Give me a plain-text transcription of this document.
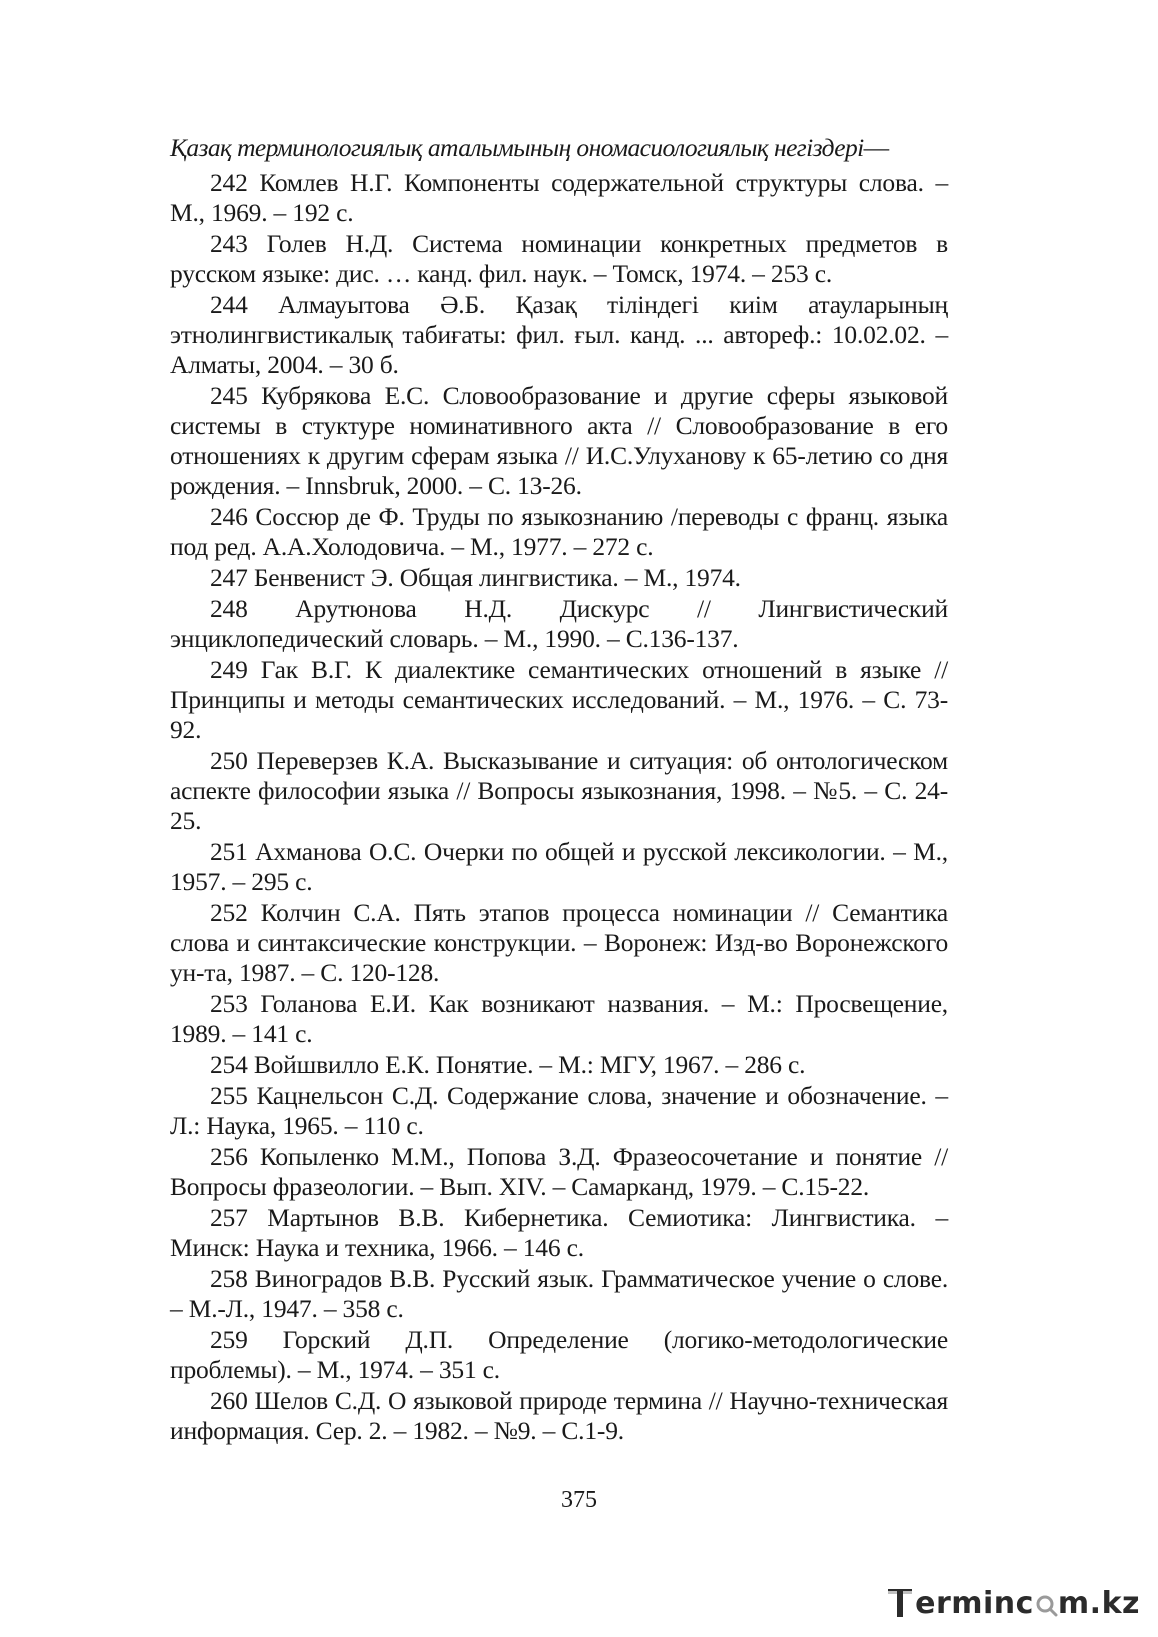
Қазақ терминологиялық аталымының ономасиологиялық негіздері—
242 Комлев Н.Г. Компоненты содержательной структуры слова. – М., 1969. – 192 с.
243 Голев Н.Д. Система номинации конкретных предметов в русском языке: дис. … канд. фил. наук. – Томск, 1974. – 253 с.
244 Алмауытова Ә.Б. Қазақ тіліндегі киім атауларының этнолингвистикалық табиғаты: фил. ғыл. канд. ... автореф.: 10.02.02. – Алматы, 2004. – 30 б.
245 Кубрякова Е.С. Словообразование и другие сферы языковой системы в стуктуре номинативного акта // Словообразование в его отношениях к другим сферам языка // И.С.Улуханову к 65-летию со дня рождения. – Innsbruk, 2000. – С. 13-26.
246 Соссюр де Ф. Труды по языкознанию /переводы с франц. языка под ред. А.А.Холодовича. – М., 1977. – 272 с.
247 Бенвенист Э. Общая лингвистика. – М., 1974.
248 Арутюнова Н.Д. Дискурс // Лингвистический энциклопедический словарь. – М., 1990. – С.136-137.
249 Гак В.Г. К диалектике семантических отношений в языке // Принципы и методы семантических исследований. – М., 1976. – С. 73-92.
250 Переверзев К.А. Высказывание и ситуация: об онтологическом аспекте философии языка // Вопросы языкознания, 1998. – №5. – С. 24-25.
251 Ахманова О.С. Очерки по общей и русской лексикологии. – М., 1957. – 295 с.
252 Колчин С.А. Пять этапов процесса номинации // Семантика слова и синтаксические конструкции. – Воронеж: Изд-во Воронежского ун-та, 1987. – С. 120-128.
253 Голанова Е.И. Как возникают названия. – М.: Просвещение, 1989. – 141 с.
254 Войшвилло Е.К. Понятие. – М.: МГУ, 1967. – 286 с.
255 Кацнельсон С.Д. Содержание слова, значение и обозначение. – Л.: Наука, 1965. – 110 с.
256 Копыленко М.М., Попова З.Д. Фразеосочетание и понятие // Вопросы фразеологии. – Вып. XIV. – Самарканд, 1979. – С.15-22.
257 Мартынов В.В. Кибернетика. Семиотика: Лингвистика. – Минск: Наука и техника, 1966. – 146 с.
258 Виноградов В.В. Русский язык. Грамматическое учение о слове. – М.-Л., 1947. – 358 с.
259 Горский Д.П. Определение (логико-методологические проблемы). – М., 1974. – 351 с.
260 Шелов С.Д. О языковой природе термина // Научно-техническая информация. Сер. 2. – 1982. – №9. – С.1-9.
375
erminc m.kz
